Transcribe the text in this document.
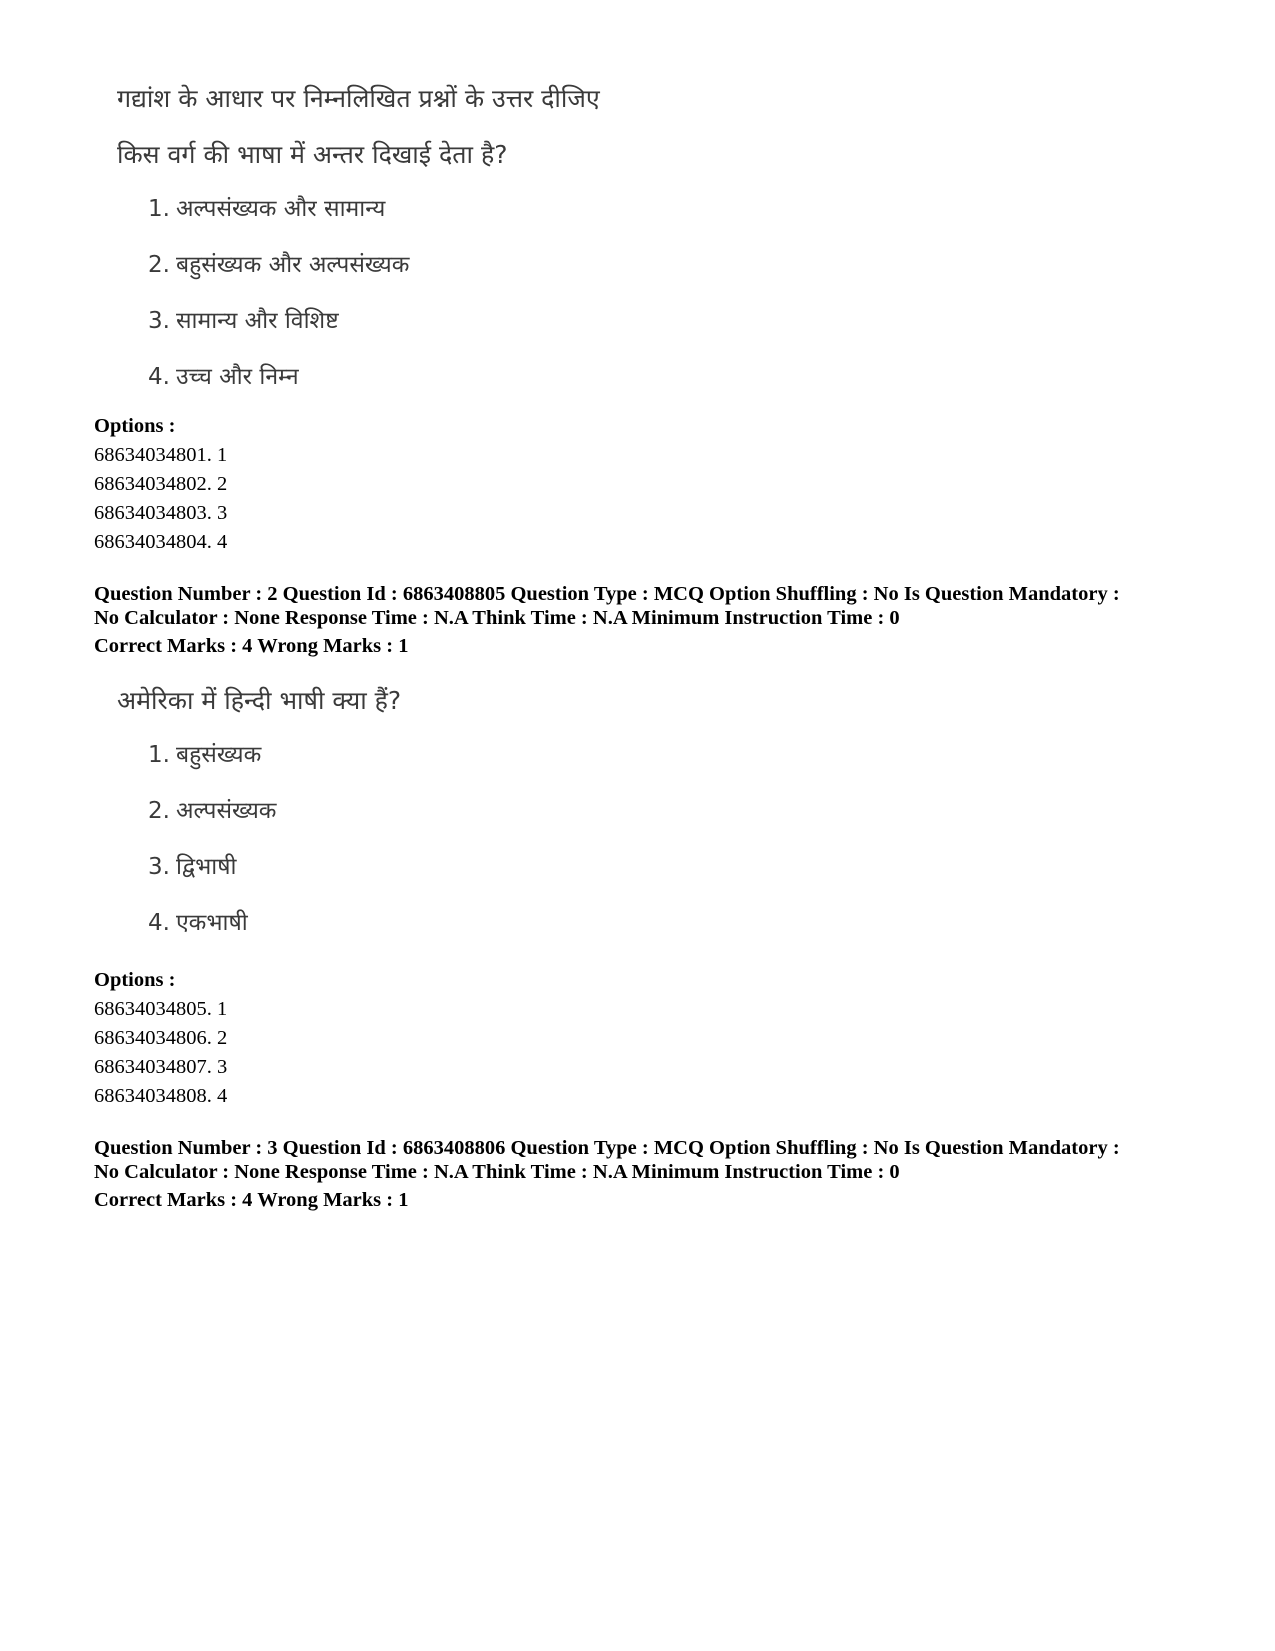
गद्यांश के आधार पर निम्नलिखित प्रश्नों के उत्तर दीजिए
किस वर्ग की भाषा में अन्तर दिखाई देता है?
1. अल्पसंख्यक और सामान्य
2. बहुसंख्यक और अल्पसंख्यक
3. सामान्य और विशिष्ट
4. उच्च और निम्न
Options :
68634034801. 1
68634034802. 2
68634034803. 3
68634034804. 4
Question Number : 2 Question Id : 6863408805 Question Type : MCQ Option Shuffling : No Is Question Mandatory :
No Calculator : None Response Time : N.A Think Time : N.A Minimum Instruction Time : 0
Correct Marks : 4 Wrong Marks : 1
अमेरिका में हिन्दी भाषी क्या हैं?
1. बहुसंख्यक
2. अल्पसंख्यक
3. द्विभाषी
4. एकभाषी
Options :
68634034805. 1
68634034806. 2
68634034807. 3
68634034808. 4
Question Number : 3 Question Id : 6863408806 Question Type : MCQ Option Shuffling : No Is Question Mandatory :
No Calculator : None Response Time : N.A Think Time : N.A Minimum Instruction Time : 0
Correct Marks : 4 Wrong Marks : 1
